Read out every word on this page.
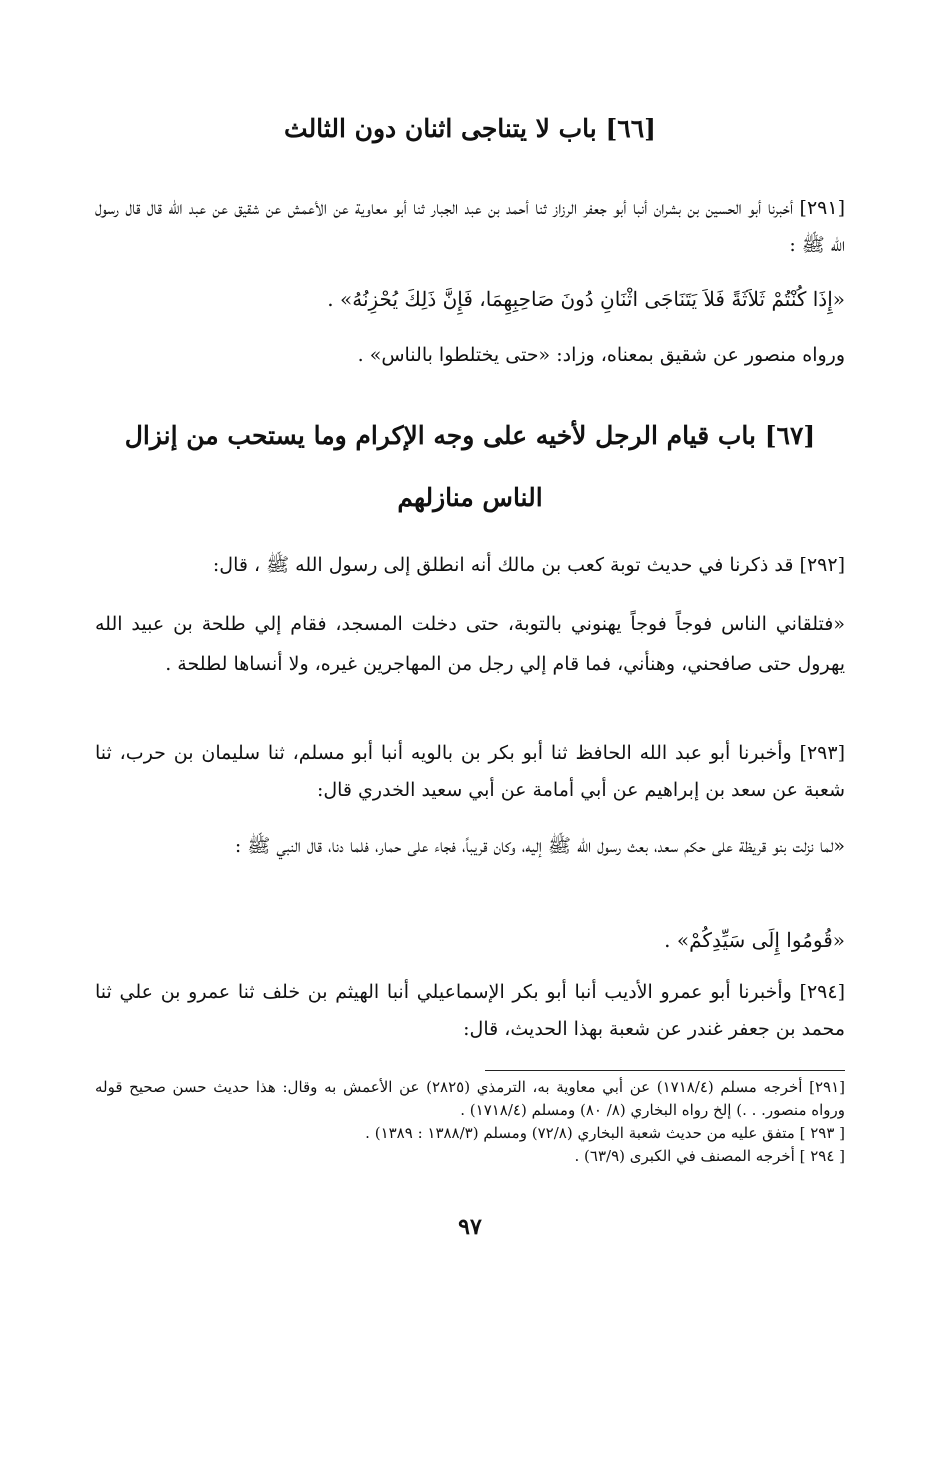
[٦٦] باب لا يتناجى اثنان دون الثالث

[٢٩١] أخبرنا أبو الحسين بن بشران أنبا أبو جعفر الرزاز ثنا أحمد بن عبد الجبار ثنا أبو معاوية عن الأعمش عن شقيق عن عبد الله قال قال رسول الله ﷺ :

«إِذَا كُنْتُمْ ثَلاَثَةً فَلاَ يَتَنَاجَى اثْنَانِ دُونَ صَاحِبِهِمَا، فَإِنَّ ذَلِكَ يُحْزِنُهُ» .

ورواه منصور عن شقيق بمعناه، وزاد: «حتى يختلطوا بالناس» .

[٦٧] باب قيام الرجل لأخيه على وجه الإكرام وما يستحب من إنزال الناس منازلهم

[٢٩٢] قد ذكرنا في حديث توبة كعب بن مالك أنه انطلق إلى رسول الله ﷺ ، قال:

«فتلقاني الناس فوجاً فوجاً يهنوني بالتوبة، حتى دخلت المسجد، فقام إلي طلحة بن عبيد الله يهرول حتى صافحني، وهنأني، فما قام إلي رجل من المهاجرين غيره، ولا أنساها لطلحة .

[٢٩٣] وأخبرنا أبو عبد الله الحافظ ثنا أبو بكر بن بالويه أنبا أبو مسلم، ثنا سليمان بن حرب، ثنا شعبة عن سعد بن إبراهيم عن أبي أمامة عن أبي سعيد الخدري قال:

«لما نزلت بنو قريظة على حكم سعد، بعث رسول الله ﷺ إليه، وكان قريباً، فجاء على حمار، فلما دنا، قال النبي ﷺ :

«قُومُوا إِلَى سَيِّدِكُمْ» .

[٢٩٤] وأخبرنا أبو عمرو الأديب أنبا أبو بكر الإسماعيلي أنبا الهيثم بن خلف ثنا عمرو بن علي ثنا محمد بن جعفر غندر عن شعبة بهذا الحديث، قال:

[٢٩١] أخرجه مسلم (١٧١٨/٤) عن أبي معاوية به، الترمذي (٢٨٢٥) عن الأعمش به وقال: هذا حديث حسن صحيح قوله ورواه منصور. . .) إلخ رواه البخاري (٨/ ٨٠) ومسلم (١٧١٨/٤) .

[ ٢٩٣ ] متفق عليه من حديث شعبة البخاري (٧٢/٨) ومسلم (١٣٨٨/٣ : ١٣٨٩) .

[ ٢٩٤ ] أخرجه المصنف في الكبرى (٦٣/٩) .

٩٧
